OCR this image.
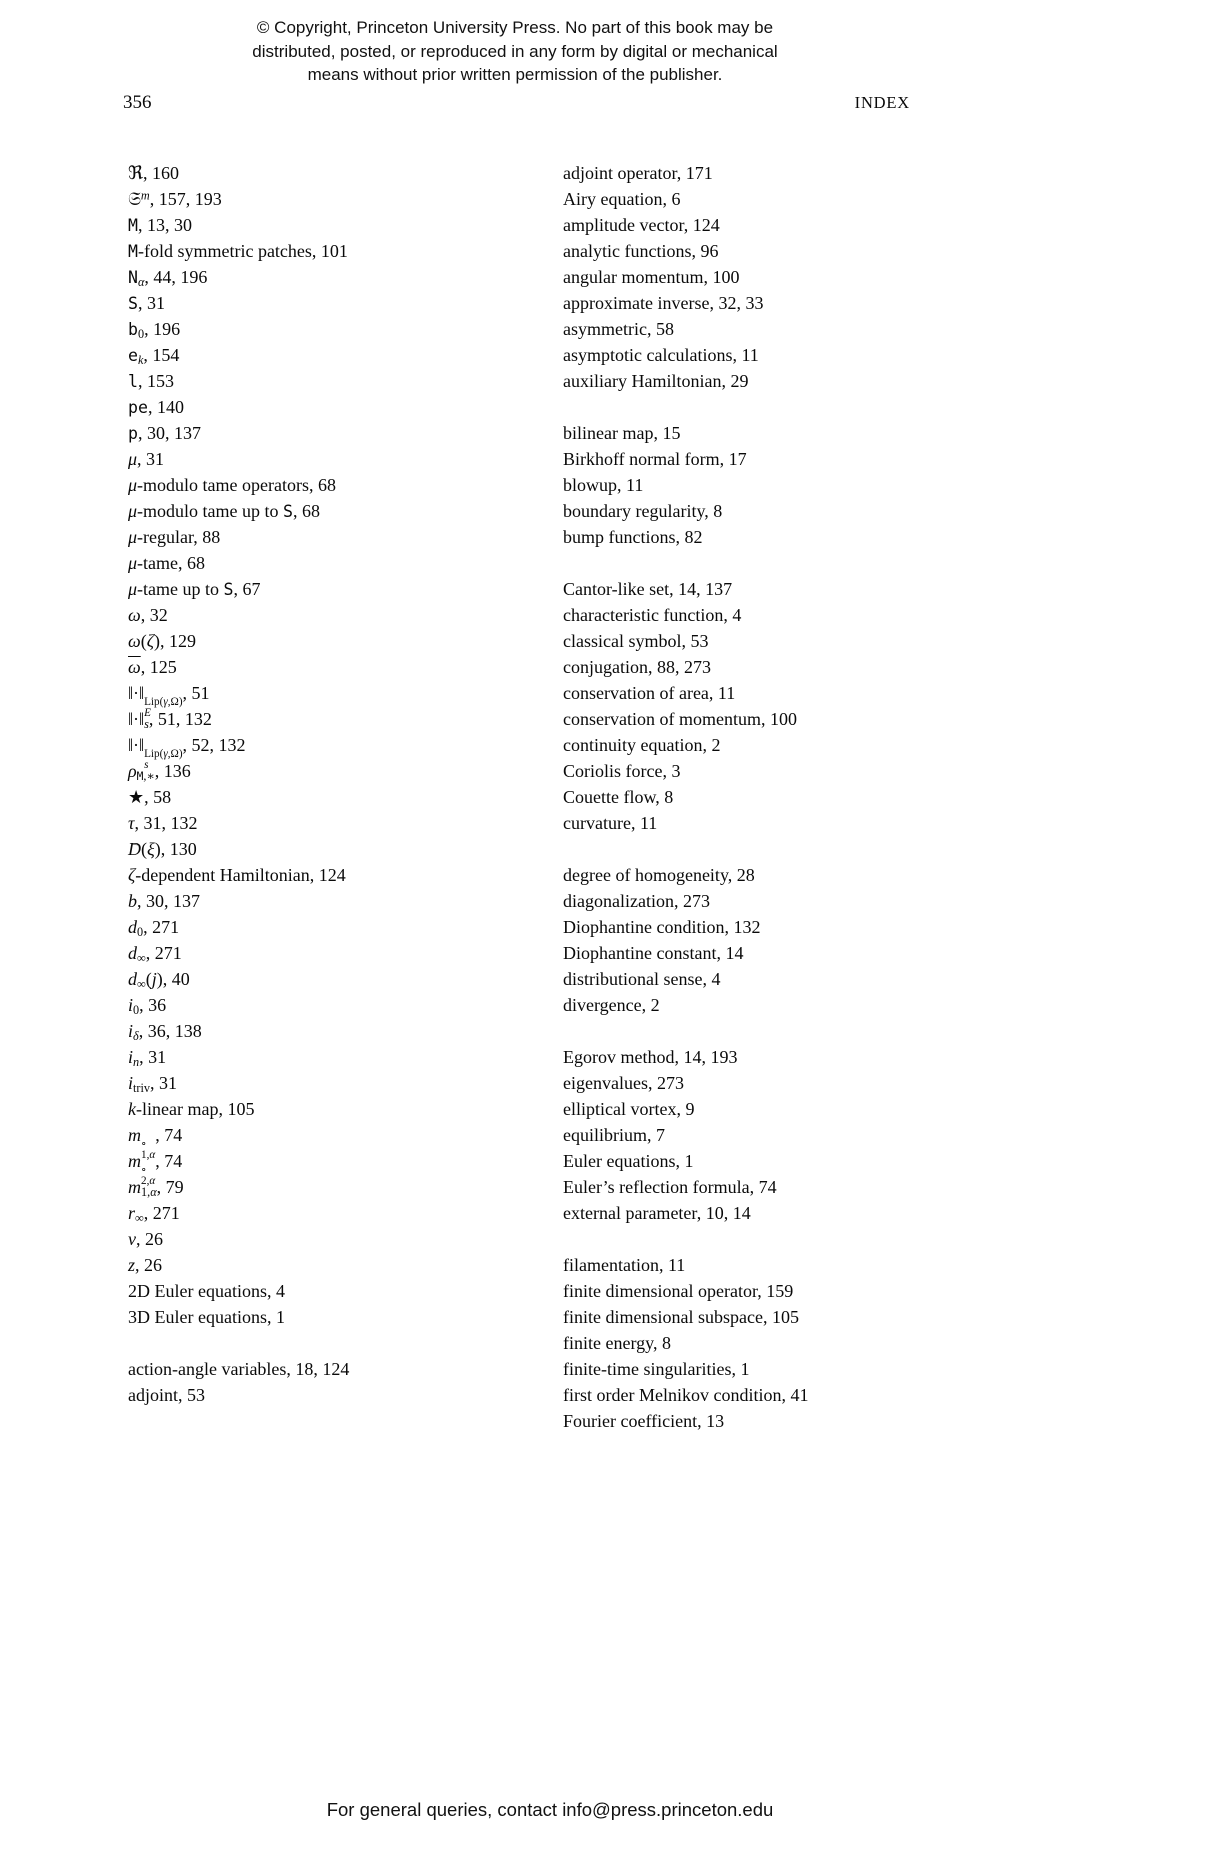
© Copyright, Princeton University Press. No part of this book may be
distributed, posted, or reproduced in any form by digital or mechanical
means without prior written permission of the publisher.
356	INDEX
ℜ, 160
𝔖$^m$, 157, 193
M, 13, 30
M-fold symmetric patches, 101
$N_\alpha$, 44, 196
S, 31
$b_0$, 196
$e_k$, 154
l, 153
pe, 140
p, 30, 137
μ, 31
μ-modulo tame operators, 68
μ-modulo tame up to S, 68
μ-regular, 88
μ-tame, 68
μ-tame up to S, 67
ω, 32
ω(ζ), 129
$\overline{\omega}$, 125
‖·‖ Lip(γ,Ω)
E
, 51
$‖\cdot‖_s$, 51, 132
‖·‖ Lip(γ,Ω)
s
, 52, 132
$\rho_{M,∗}$, 136
★, 58
τ, 31, 132
D →(ξ), 130
ζ-dependent Hamiltonian, 124
b, 30, 137
$d_0$, 271
$d_\infty$, 271
$d_\infty(j)$, 40
$i_0$, 36
$i_\delta$, 36, 138
$i_n$, 31
$i_{triv}$, 31
k-linear map, 105
m ∘
1,α
, 74
m ∘
2,α
, 74
$m_{1,\alpha}$, 79
$r_\infty$, 271
v, 26
z, 26
2D Euler equations, 4
3D Euler equations, 1
action-angle variables, 18, 124
adjoint, 53
adjoint operator, 171
Airy equation, 6
amplitude vector, 124
analytic functions, 96
angular momentum, 100
approximate inverse, 32, 33
asymmetric, 58
asymptotic calculations, 11
auxiliary Hamiltonian, 29
bilinear map, 15
Birkhoff normal form, 17
blowup, 11
boundary regularity, 8
bump functions, 82
Cantor-like set, 14, 137
characteristic function, 4
classical symbol, 53
conjugation, 88, 273
conservation of area, 11
conservation of momentum, 100
continuity equation, 2
Coriolis force, 3
Couette flow, 8
curvature, 11
degree of homogeneity, 28
diagonalization, 273
Diophantine condition, 132
Diophantine constant, 14
distributional sense, 4
divergence, 2
Egorov method, 14, 193
eigenvalues, 273
elliptical vortex, 9
equilibrium, 7
Euler equations, 1
Euler’s reflection formula, 74
external parameter, 10, 14
filamentation, 11
finite dimensional operator, 159
finite dimensional subspace, 105
finite energy, 8
finite-time singularities, 1
first order Melnikov condition, 41
Fourier coefficient, 13
For general queries, contact info@press.princeton.edu
